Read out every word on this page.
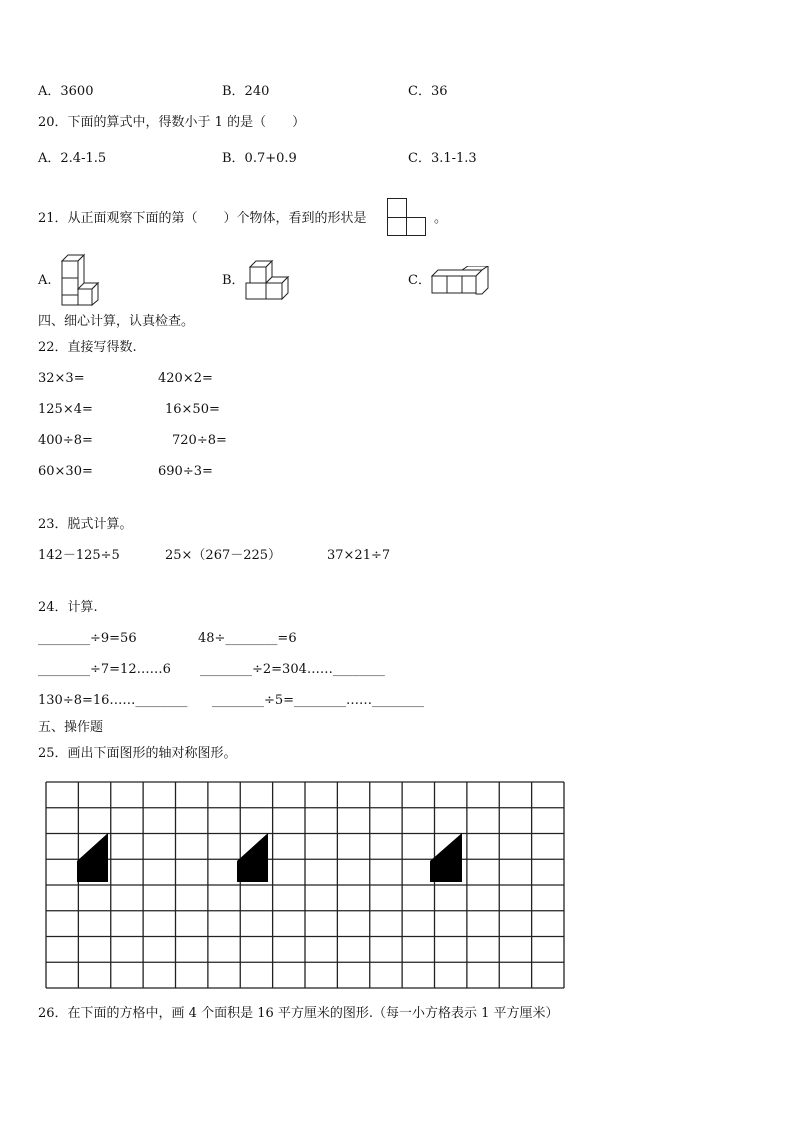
A．3600	B．240	C．36
20．下面的算式中，得数小于 1 的是（　　）
A．2.4-1.5	B．0.7+0.9	C．3.1-1.3
21．从正面观察下面的第（　　）个物体，看到的形状是	。
A.	B．	C．
四、细心计算，认真检查。
22．直接写得数.
32×3=	420×2=
125×4=	16×50=
400÷8=	720÷8=
60×30=	690÷3=
23．脱式计算。
142－125÷5	25×（267－225）	37×21÷7
24．计算.
________÷9=56	48÷________=6
________÷7=12……6 ________÷2=304……________
130÷8=16……________ ________÷5=________……________
五、操作题
25．画出下面图形的轴对称图形。
26．在下面的方格中，画 4 个面积是 16 平方厘米的图形.（每一小方格表示 1 平方厘米）
